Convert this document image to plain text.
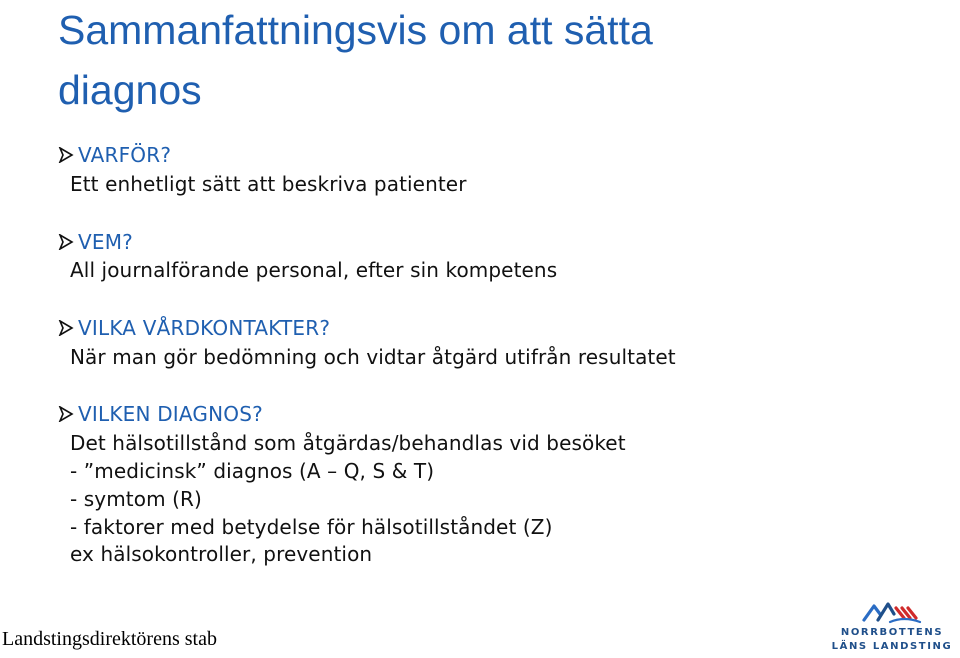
Sammanfattningsvis om att sätta
diagnos
VARFÖR?
Ett enhetligt sätt att beskriva patienter
VEM?
All journalförande personal, efter sin kompetens
VILKA VÅRDKONTAKTER?
När man gör bedömning och vidtar åtgärd utifrån resultatet
VILKEN DIAGNOS?
Det hälsotillstånd som åtgärdas/behandlas vid besöket
- ”medicinsk” diagnos (A – Q, S & T)
- symtom (R)
- faktorer med betydelse för hälsotillståndet (Z)
ex hälsokontroller, prevention
Landstingsdirektörens stab	NORRBOTTENS
LÄNS LANDSTING
